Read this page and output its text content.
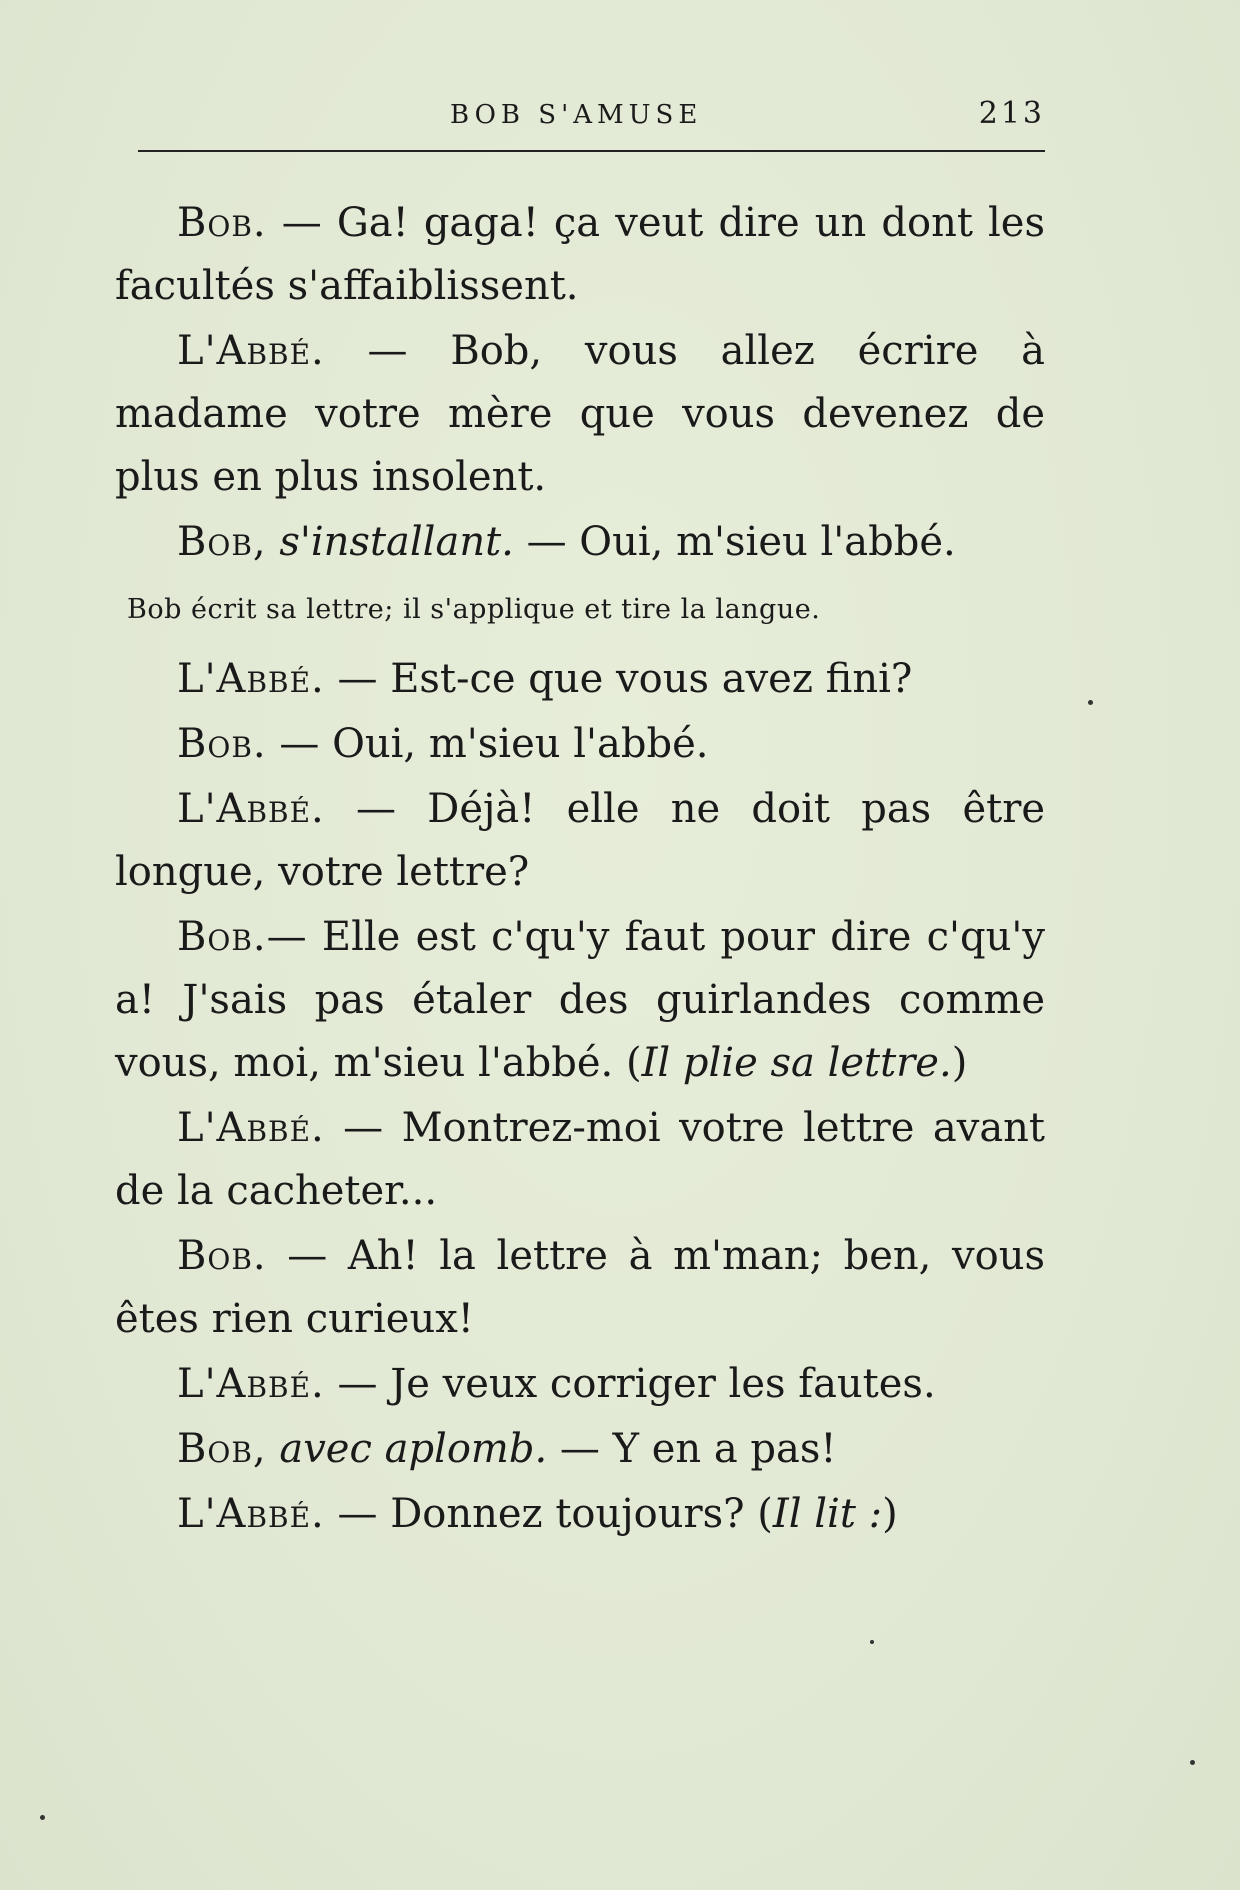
BOB S'AMUSE	213

Bob. — Ga! gaga! ça veut dire un dont les facultés s'affaiblissent.

L'Abbé. — Bob, vous allez écrire à madame votre mère que vous devenez de plus en plus insolent.

Bob, s'installant. — Oui, m'sieu l'abbé.

Bob écrit sa lettre; il s'applique et tire la langue.

L'Abbé. — Est-ce que vous avez fini?

Bob. — Oui, m'sieu l'abbé.

L'Abbé. — Déjà! elle ne doit pas être longue, votre lettre?

Bob.— Elle est c'qu'y faut pour dire c'qu'y a! J'sais pas étaler des guirlandes comme vous, moi, m'sieu l'abbé. (Il plie sa lettre.)

L'Abbé. — Montrez-moi votre lettre avant de la cacheter...

Bob. — Ah! la lettre à m'man; ben, vous êtes rien curieux!

L'Abbé. — Je veux corriger les fautes.

Bob, avec aplomb. — Y en a pas!

L'Abbé. — Donnez toujours? (Il lit :)
